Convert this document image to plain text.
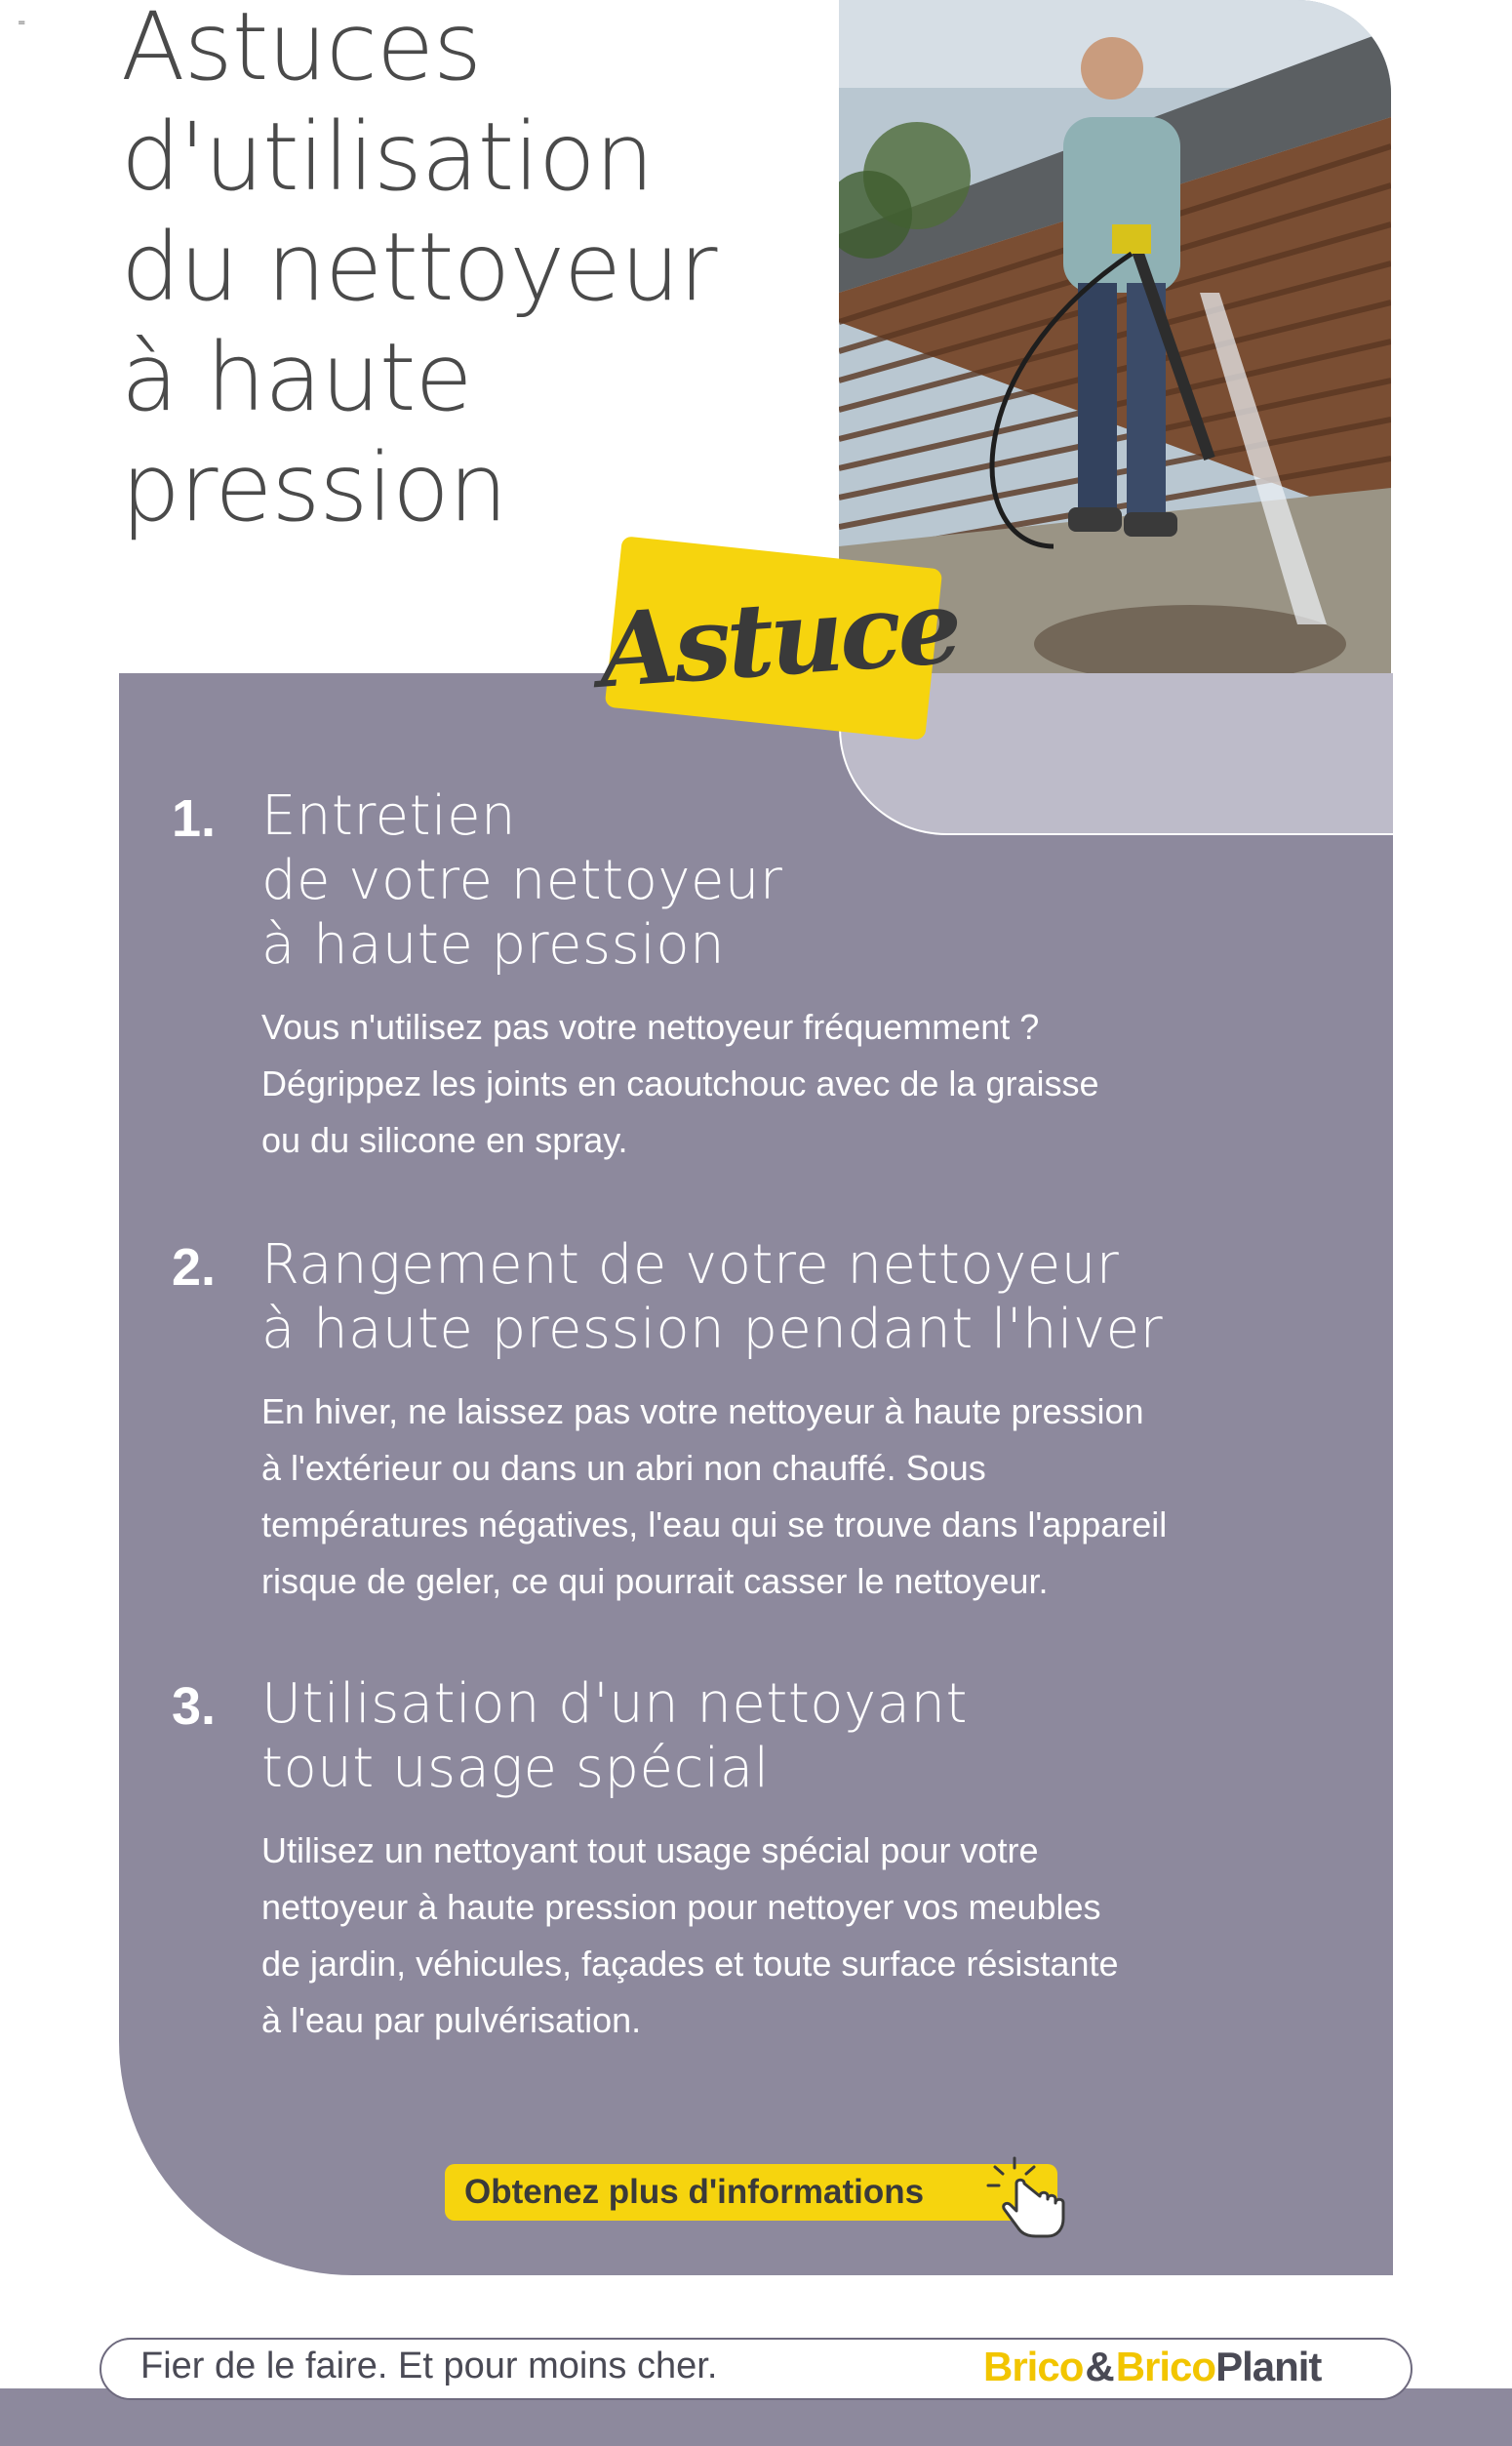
= Astuces
d'utilisation
du nettoyeur
à haute
pression
Astuce
1. Entretien
de votre nettoyeur
à haute pression

Vous n'utilisez pas votre nettoyeur fréquemment ?
Dégrippez les joints en caoutchouc avec de la graisse
ou du silicone en spray.

2. Rangement de votre nettoyeur
à haute pression pendant l'hiver

En hiver, ne laissez pas votre nettoyeur à haute pression
à l'extérieur ou dans un abri non chauffé. Sous
températures négatives, l'eau qui se trouve dans l'appareil
risque de geler, ce qui pourrait casser le nettoyeur.

3. Utilisation d'un nettoyant
tout usage spécial

Utilisez un nettoyant tout usage spécial pour votre
nettoyeur à haute pression pour nettoyer vos meubles
de jardin, véhicules, façades et toute surface résistante
à l'eau par pulvérisation.

Obtenez plus d'informations
Fier de le faire. Et pour moins cher.	Brico & Brico Planit
